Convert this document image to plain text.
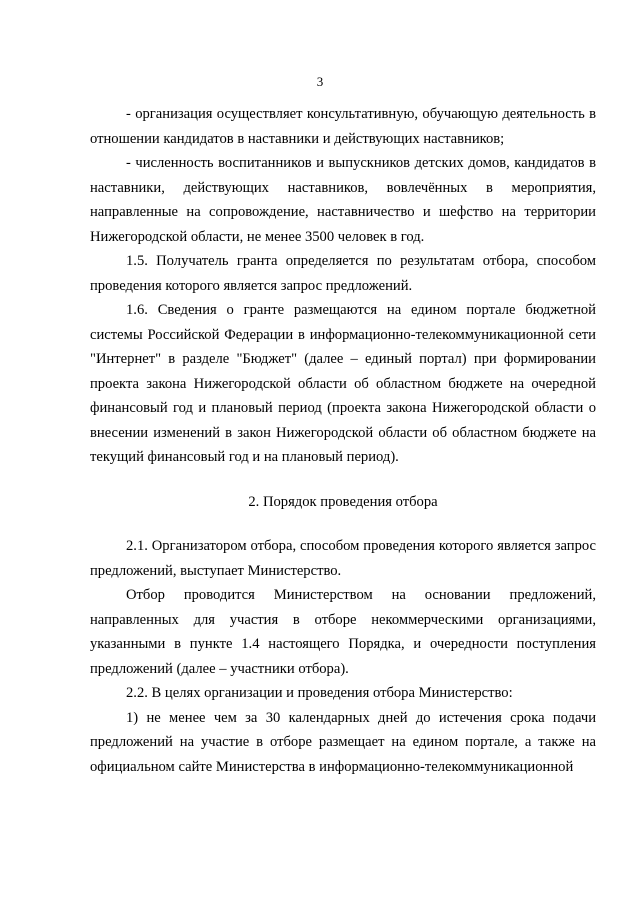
3

- организация осуществляет консультативную, обучающую деятельность в отношении кандидатов в наставники и действующих наставников;

- численность воспитанников и выпускников детских домов, кандидатов в наставники, действующих наставников, вовлечённых в мероприятия, направленные на сопровождение, наставничество и шефство на территории Нижегородской области, не менее 3500 человек в год.

1.5. Получатель гранта определяется по результатам отбора, способом проведения которого является запрос предложений.

1.6. Сведения о гранте размещаются на едином портале бюджетной системы Российской Федерации в информационно-телекоммуникационной сети "Интернет" в разделе "Бюджет" (далее – единый портал) при формировании проекта закона Нижегородской области об областном бюджете на очередной финансовый год и плановый период (проекта закона Нижегородской области о внесении изменений в закон Нижегородской области об областном бюджете на текущий финансовый год и на плановый период).

2. Порядок проведения отбора

2.1. Организатором отбора, способом проведения которого является запрос предложений, выступает Министерство.

Отбор проводится Министерством на основании предложений, направленных для участия в отборе некоммерческими организациями, указанными в пункте 1.4 настоящего Порядка, и очередности поступления предложений (далее – участники отбора).

2.2. В целях организации и проведения отбора Министерство:

1) не менее чем за 30 календарных дней до истечения срока подачи предложений на участие в отборе размещает на едином портале, а также на официальном сайте Министерства в информационно-телекоммуникационной
